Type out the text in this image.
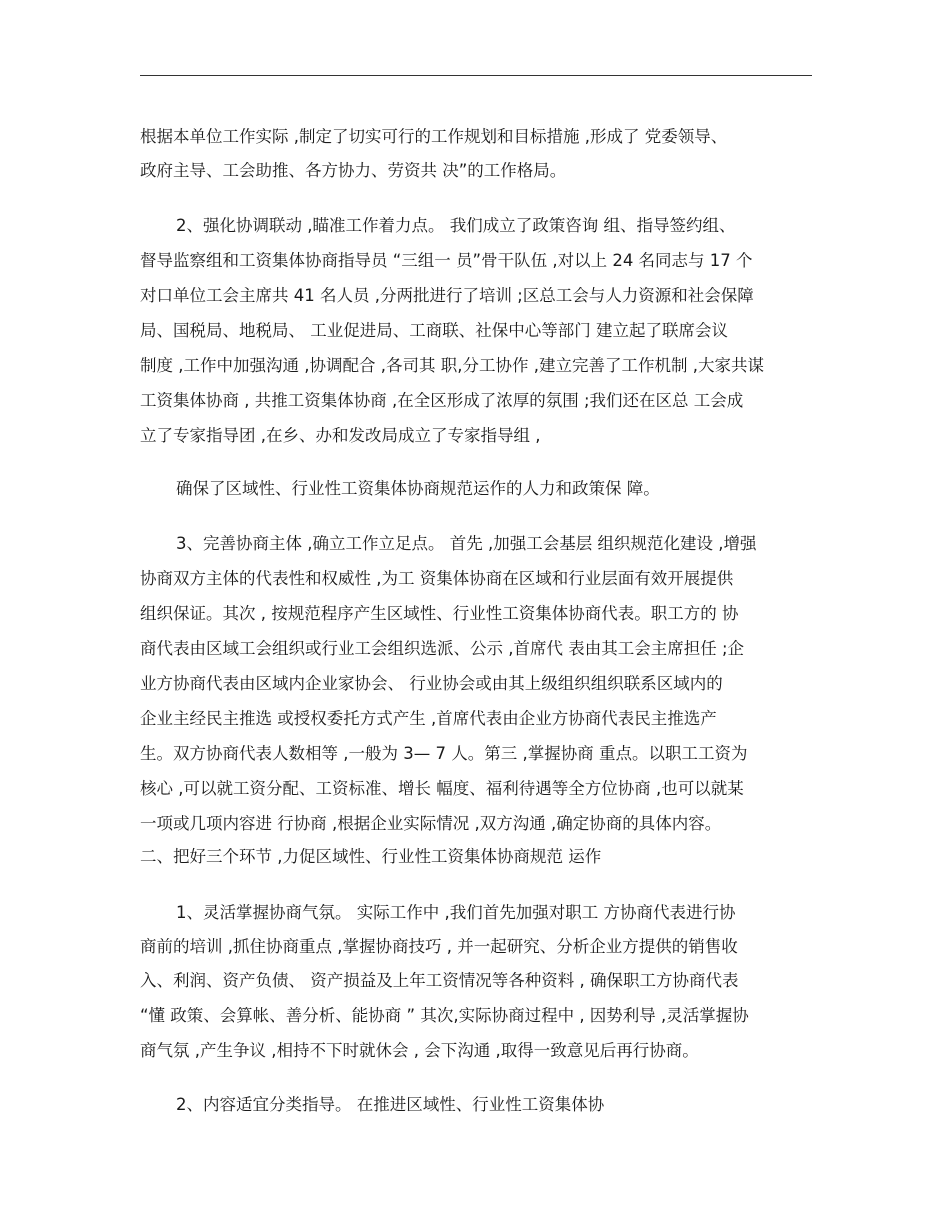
根据本单位工作实际 ,制定了切实可行的工作规划和目标措施 ,形成了 党委领导、
政府主导、工会助推、各方协力、劳资共 决”的工作格局。
2、强化协调联动 ,瞄准工作着力点。 我们成立了政策咨询 组、指导签约组、
督导监察组和工资集体协商指导员 “三组一 员”骨干队伍 ,对以上 24 名同志与 17 个
对口单位工会主席共 41 名人员 ,分两批进行了培训 ;区总工会与人力资源和社会保障
局、国税局、地税局、 工业促进局、工商联、社保中心等部门 建立起了联席会议
制度 ,工作中加强沟通 ,协调配合 ,各司其 职,分工协作 ,建立完善了工作机制 ,大家共谋
工资集体协商 , 共推工资集体协商 ,在全区形成了浓厚的氛围 ;我们还在区总 工会成
立了专家指导团 ,在乡、办和发改局成立了专家指导组 ,
确保了区域性、行业性工资集体协商规范运作的人力和政策保 障。
3、完善协商主体 ,确立工作立足点。 首先 ,加强工会基层 组织规范化建设 ,增强
协商双方主体的代表性和权威性 ,为工 资集体协商在区域和行业层面有效开展提供
组织保证。其次 , 按规范程序产生区域性、行业性工资集体协商代表。职工方的 协
商代表由区域工会组织或行业工会组织选派、公示 ,首席代 表由其工会主席担任 ;企
业方协商代表由区域内企业家协会、 行业协会或由其上级组织组织联系区域内的
企业主经民主推选 或授权委托方式产生 ,首席代表由企业方协商代表民主推选产
生。双方协商代表人数相等 ,一般为 3— 7 人。第三 ,掌握协商 重点。以职工工资为
核心 ,可以就工资分配、工资标准、增长 幅度、福利待遇等全方位协商 ,也可以就某
一项或几项内容进 行协商 ,根据企业实际情况 ,双方沟通 ,确定协商的具体内容。
二、把好三个环节 ,力促区域性、行业性工资集体协商规范 运作
1、灵活掌握协商气氛。 实际工作中 ,我们首先加强对职工 方协商代表进行协
商前的培训 ,抓住协商重点 ,掌握协商技巧 , 并一起研究、分析企业方提供的销售收
入、利润、资产负债、 资产损益及上年工资情况等各种资料 , 确保职工方协商代表
“懂 政策、会算帐、善分析、能协商 ” 其次,实际协商过程中 , 因势利导 ,灵活掌握协
商气氛 ,产生争议 ,相持不下时就休会 , 会下沟通 ,取得一致意见后再行协商。
2、内容适宜分类指导。 在推进区域性、行业性工资集体协
